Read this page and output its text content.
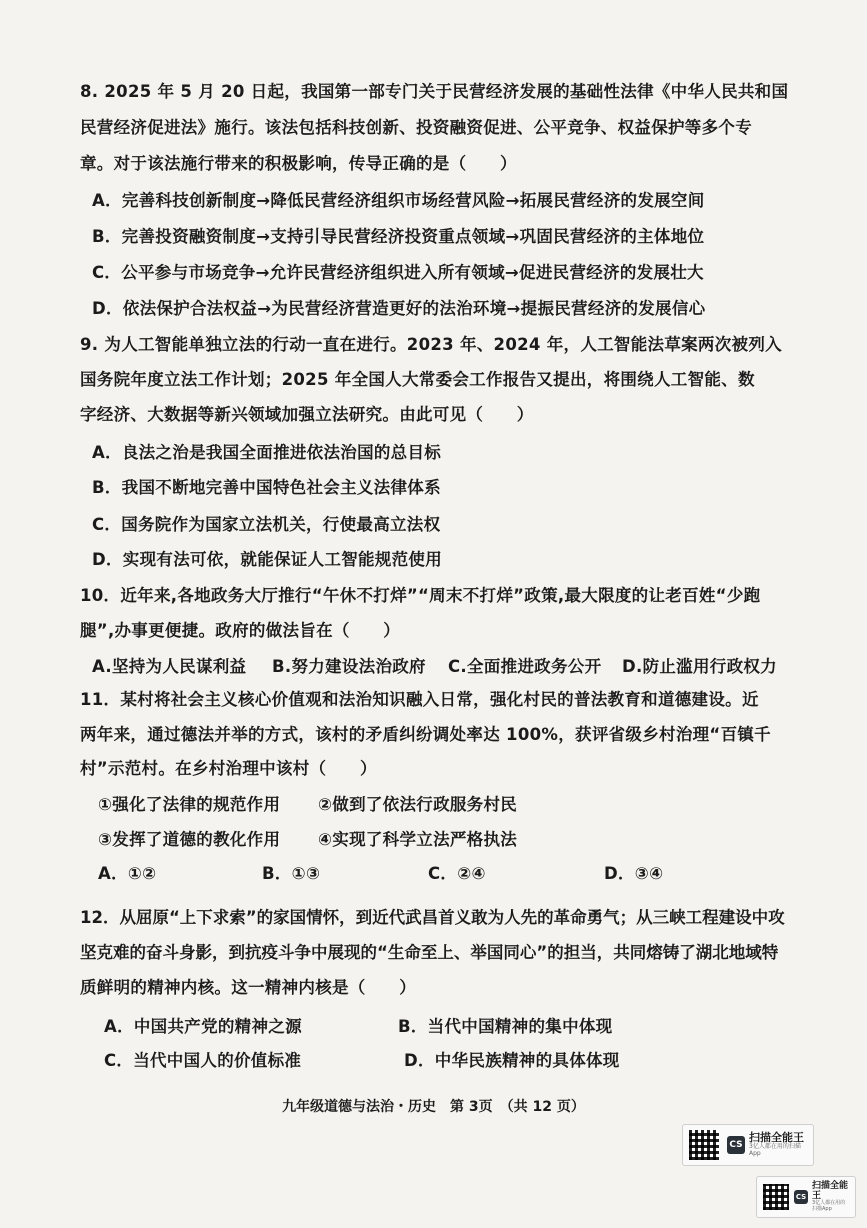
8. 2025 年 5 月 20 日起，我国第一部专门关于民营经济发展的基础性法律《中华人民共和国
民营经济促进法》施行。该法包括科技创新、投资融资促进、公平竞争、权益保护等多个专
章。对于该法施行带来的积极影响，传导正确的是（　　）
A．完善科技创新制度→降低民营经济组织市场经营风险→拓展民营经济的发展空间
B．完善投资融资制度→支持引导民营经济投资重点领域→巩固民营经济的主体地位
C．公平参与市场竞争→允许民营经济组织进入所有领域→促进民营经济的发展壮大
D．依法保护合法权益→为民营经济营造更好的法治环境→提振民营经济的发展信心
9. 为人工智能单独立法的行动一直在进行。2023 年、2024 年，人工智能法草案两次被列入
国务院年度立法工作计划；2025 年全国人大常委会工作报告又提出，将围绕人工智能、数
字经济、大数据等新兴领域加强立法研究。由此可见（　　）
A．良法之治是我国全面推进依法治国的总目标
B．我国不断地完善中国特色社会主义法律体系
C．国务院作为国家立法机关，行使最高立法权
D．实现有法可依，就能保证人工智能规范使用
10．近年来,各地政务大厅推行“午休不打烊”“周末不打烊”政策,最大限度的让老百姓“少跑
腿”,办事更便捷。政府的做法旨在（　　）
A.坚持为人民谋利益 B.努力建设法治政府 C.全面推进政务公开 D.防止滥用行政权力
11．某村将社会主义核心价值观和法治知识融入日常，强化村民的普法教育和道德建设。近
两年来，通过德法并举的方式，该村的矛盾纠纷调处率达 100%，获评省级乡村治理“百镇千
村”示范村。在乡村治理中该村（　　）
①强化了法律的规范作用 ②做到了依法行政服务村民
③发挥了道德的教化作用 ④实现了科学立法严格执法
A．①②	B．①③	C．②④	D．③④
12．从屈原“上下求索”的家国情怀，到近代武昌首义敢为人先的革命勇气；从三峡工程建设中攻
坚克难的奋斗身影，到抗疫斗争中展现的“生命至上、举国同心”的担当，共同熔铸了湖北地域特
质鲜明的精神内核。这一精神内核是（　　）
A．中国共产党的精神之源	B．当代中国精神的集中体现
C．当代中国人的价值标准	D．中华民族精神的具体体现
九年级道德与法治・历史　第 3页　（共 12 页）
CS
扫描全能王
3亿人都在用的扫描App
CS
扫描全能王
3亿人都在用的扫描App
